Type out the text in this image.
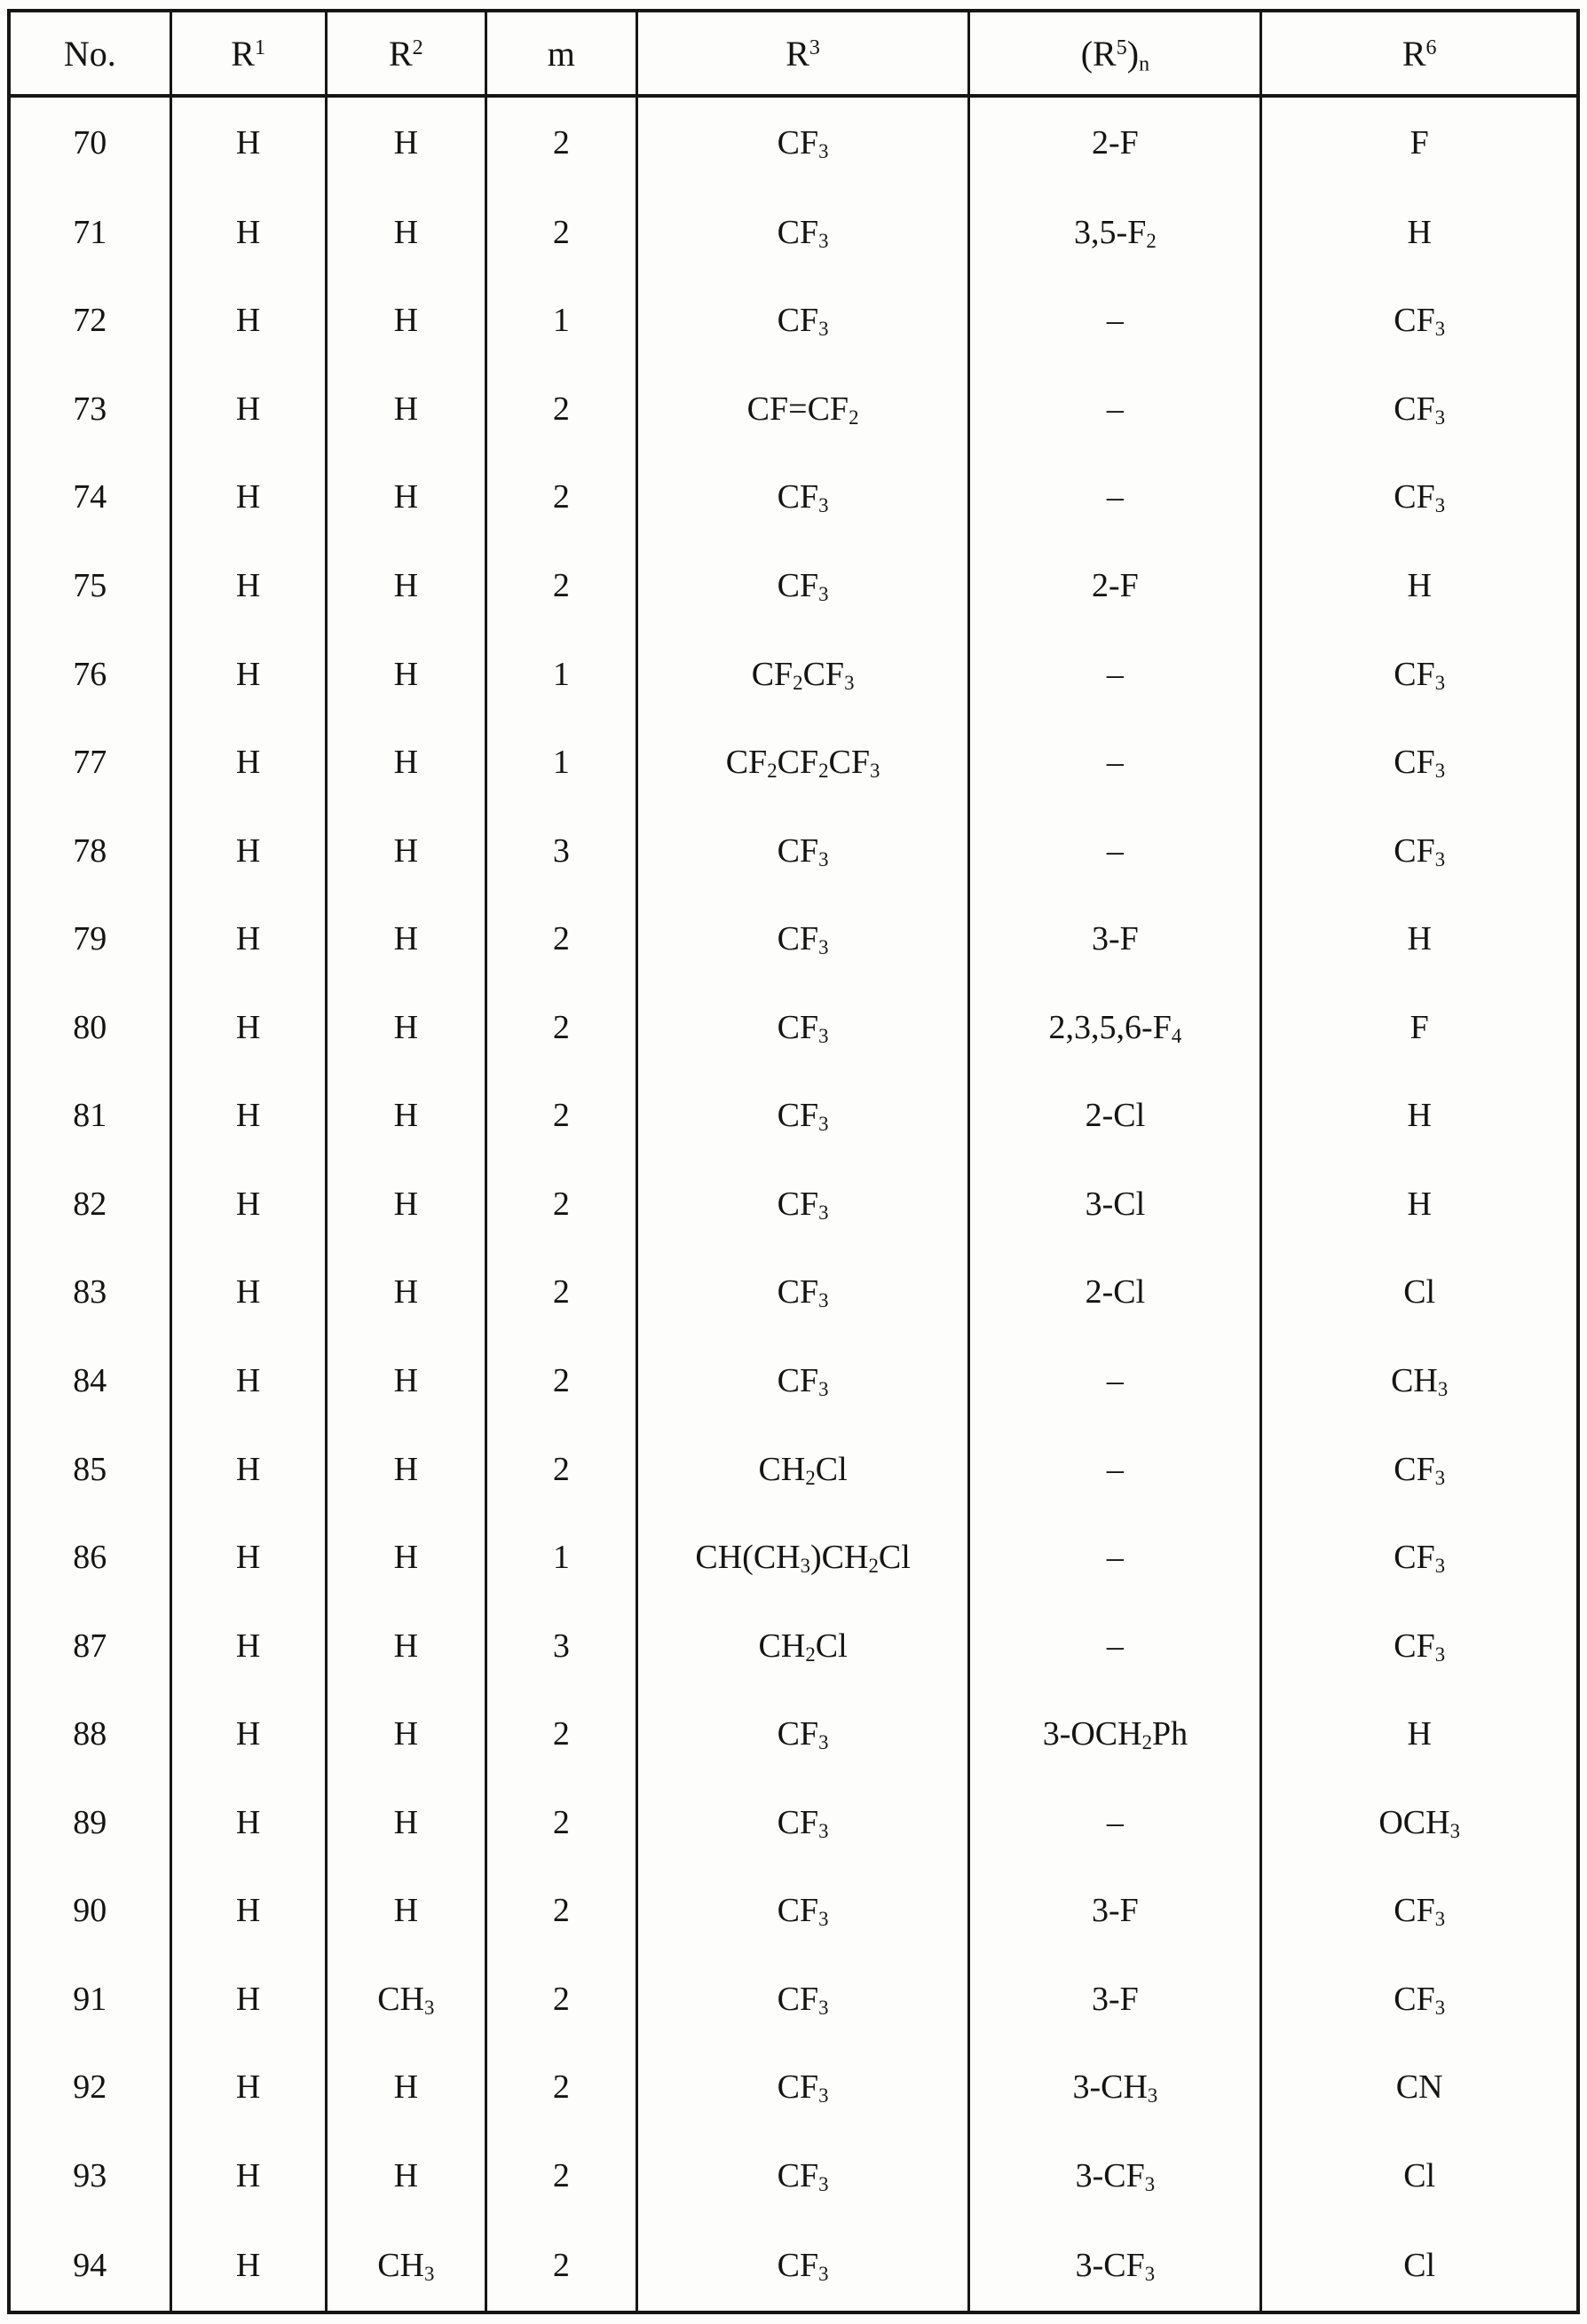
No.	$R^1$	$R^2$	m	$R^3$	$(R^5)_n$	$R^6$
70	H	H	2	$CF_3$	2-F	F
71	H	H	2	$CF_3$	$3,5-F_2$	H
72	H	H	1	$CF_3$	–	$CF_3$
73	H	H	2	$CF=CF_2$	–	$CF_3$
74	H	H	2	$CF_3$	–	$CF_3$
75	H	H	2	$CF_3$	2-F	H
76	H	H	1	$CF_2CF_3$	–	$CF_3$
77	H	H	1	$CF_2CF_2CF_3$	–	$CF_3$
78	H	H	3	$CF_3$	–	$CF_3$
79	H	H	2	$CF_3$	3-F	H
80	H	H	2	$CF_3$	$2,3,5,6-F_4$	F
81	H	H	2	$CF_3$	2-Cl	H
82	H	H	2	$CF_3$	3-Cl	H
83	H	H	2	$CF_3$	2-Cl	Cl
84	H	H	2	$CF_3$	–	$CH_3$
85	H	H	2	$CH_2Cl$	–	$CF_3$
86	H	H	1	$CH(CH_3)CH_2Cl$	–	$CF_3$
87	H	H	3	$CH_2Cl$	–	$CF_3$
88	H	H	2	$CF_3$	$3-OCH_2Ph$	H
89	H	H	2	$CF_3$	–	$OCH_3$
90	H	H	2	$CF_3$	3-F	$CF_3$
91	H	$CH_3$	2	$CF_3$	3-F	$CF_3$
92	H	H	2	$CF_3$	$3-CH_3$	CN
93	H	H	2	$CF_3$	$3-CF_3$	Cl
94	H	$CH_3$	2	$CF_3$	$3-CF_3$	Cl
